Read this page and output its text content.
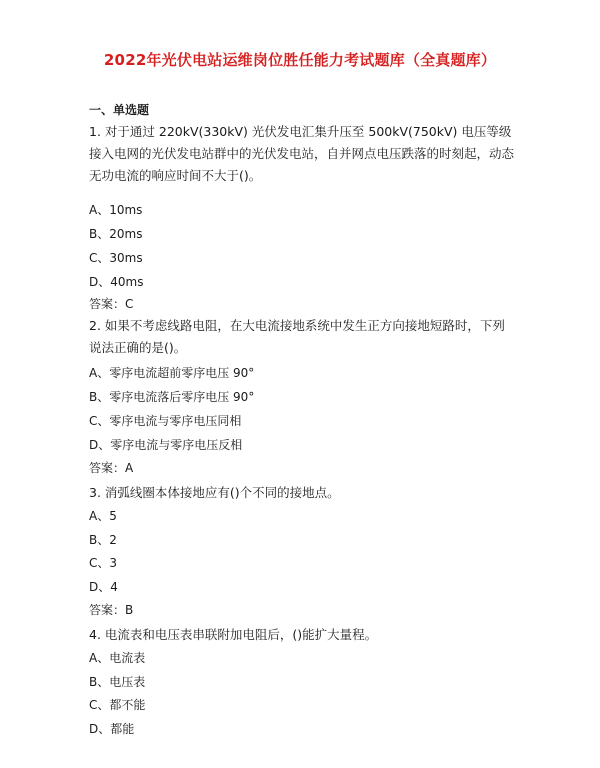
2022年光伏电站运维岗位胜任能力考试题库（全真题库）
一、单选题

1. 对于通过 220kV(330kV) 光伏发电汇集升压至 500kV(750kV) 电压等级接入电网的光伏发电站群中的光伏发电站，自并网点电压跌落的时刻起，动态无功电流的响应时间不大于()。

A、10ms
B、20ms
C、30ms
D、40ms
答案：C

2. 如果不考虑线路电阻，在大电流接地系统中发生正方向接地短路时，下列说法正确的是()。

A、零序电流超前零序电压 90°
B、零序电流落后零序电压 90°
C、零序电流与零序电压同相
D、零序电流与零序电压反相
答案：A
3. 消弧线圈本体接地应有()个不同的接地点。
A、5
B、2
C、3
D、4
答案：B
4. 电流表和电压表串联附加电阻后，()能扩大量程。
A、电流表
B、电压表
C、都不能
D、都能
